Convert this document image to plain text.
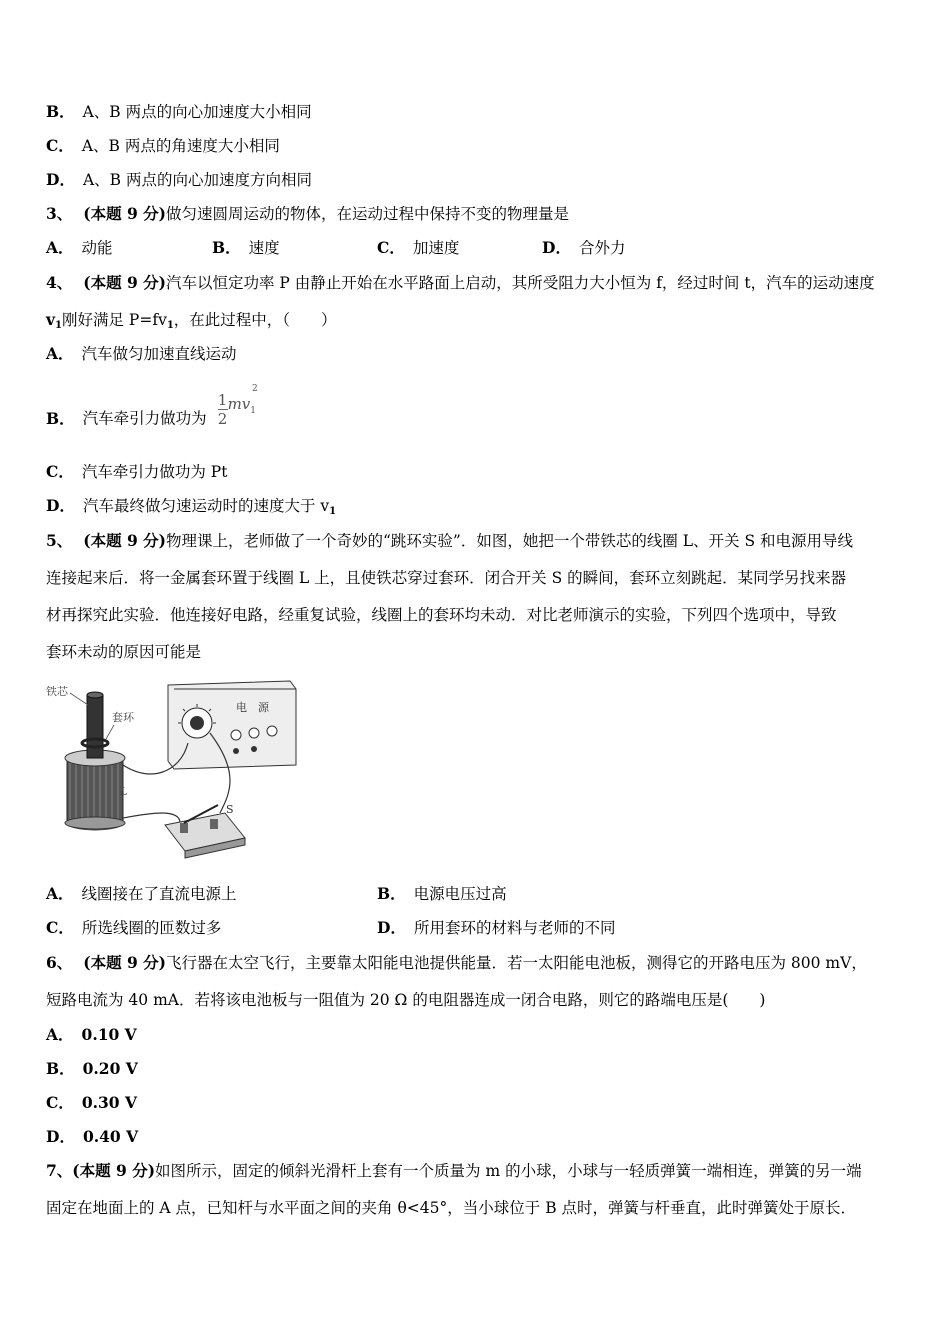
B． A、B 两点的向心加速度大小相同
C． A、B 两点的角速度大小相同
D． A、B 两点的向心加速度方向相同
3、 (本题 9 分)做匀速圆周运动的物体，在运动过程中保持不变的物理量是
A． 动能	B． 速度	C． 加速度	D． 合外力
4、 (本题 9 分)汽车以恒定功率 P 由静止开始在水平路面上启动，其所受阻力大小恒为 f，经过时间 t，汽车的运动速度
$v_1$刚好满足 $P=fv_1$，在此过程中，（　　）
A． 汽车做匀加速直线运动
B． 汽车牵引力做功为 $\frac{1}{2} mv_1^2$
C． 汽车牵引力做功为 Pt
D． 汽车最终做匀速运动时的速度大于 $v_1$
5、 (本题 9 分)物理课上，老师做了一个奇妙的“跳环实验”．如图，她把一个带铁芯的线圈 L、开关 S 和电源用导线
连接起来后．将一金属套环置于线圈 L 上，且使铁芯穿过套环．闭合开关 S 的瞬间，套环立刻跳起．某同学另找来器
材再探究此实验．他连接好电路，经重复试验，线圈上的套环均未动．对比老师演示的实验，下列四个选项中，导致
套环未动的原因可能是
铁芯
套环
L
电　源
S
A． 线圈接在了直流电源上	B． 电源电压过高
C． 所选线圈的匝数过多	D． 所用套环的材料与老师的不同
6、 (本题 9 分)飞行器在太空飞行，主要靠太阳能电池提供能量．若一太阳能电池板，测得它的开路电压为 800 mV，
短路电流为 40 mA．若将该电池板与一阻值为 20 Ω 的电阻器连成一闭合电路，则它的路端电压是(　　)
A． 0.10 V
B． 0.20 V
C． 0.30 V
D． 0.40 V
7、(本题 9 分)如图所示，固定的倾斜光滑杆上套有一个质量为 m 的小球，小球与一轻质弹簧一端相连，弹簧的另一端
固定在地面上的 A 点，已知杆与水平面之间的夹角 θ<45°，当小球位于 B 点时，弹簧与杆垂直，此时弹簧处于原长．
